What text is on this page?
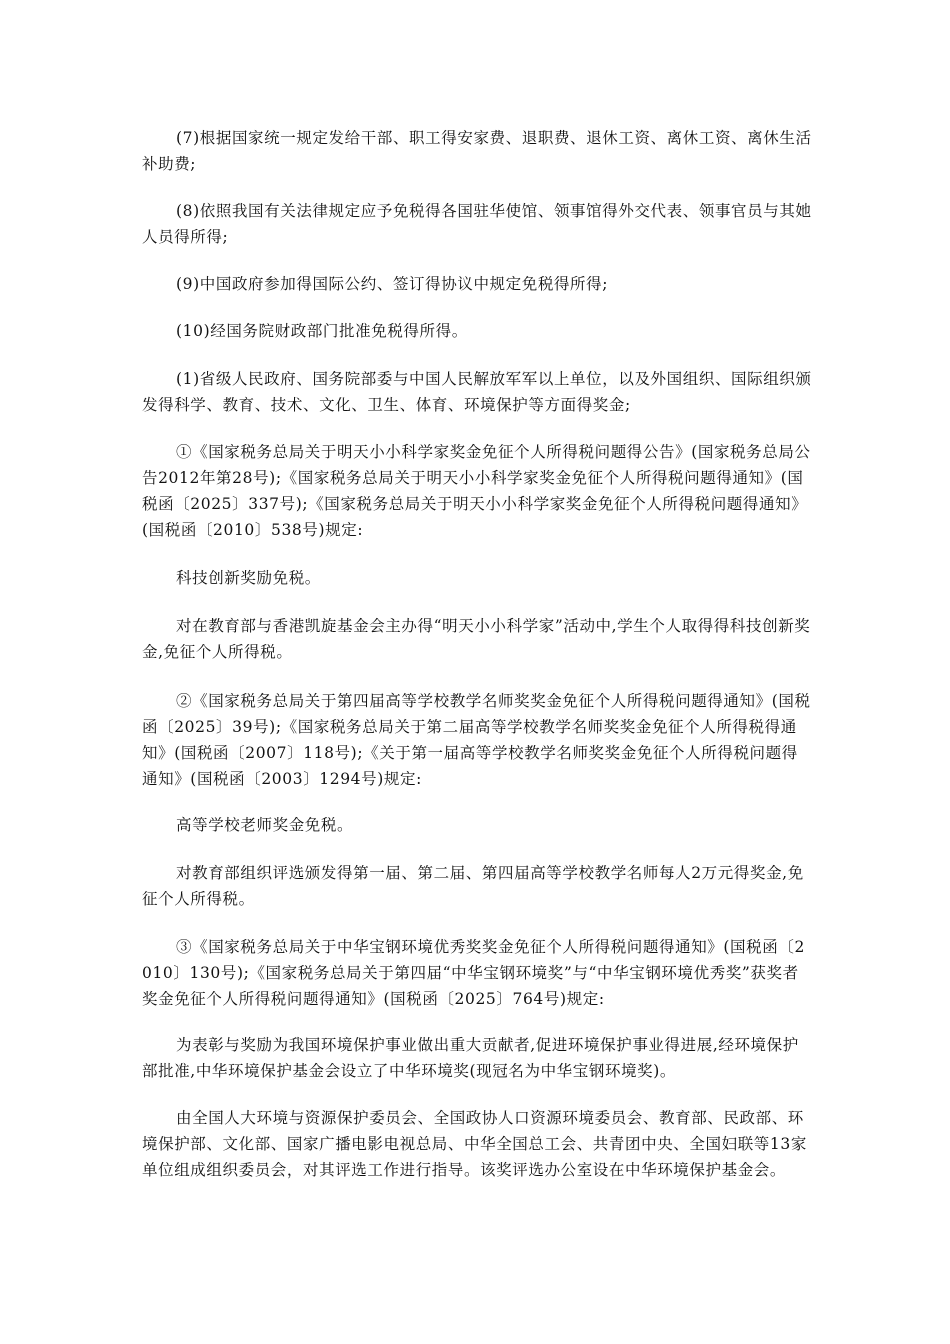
(7)根据国家统一规定发给干部、职工得安家费、退职费、退休工资、离休工资、离休生活补助费;

(8)依照我国有关法律规定应予免税得各国驻华使馆、领事馆得外交代表、领事官员与其她人员得所得;

(9)中国政府参加得国际公约、签订得协议中规定免税得所得;

(10)经国务院财政部门批准免税得所得。

(1)省级人民政府、国务院部委与中国人民解放军军以上单位，以及外国组织、国际组织颁发得科学、教育、技术、文化、卫生、体育、环境保护等方面得奖金;

①《国家税务总局关于明天小小科学家奖金免征个人所得税问题得公告》(国家税务总局公告2012年第28号);《国家税务总局关于明天小小科学家奖金免征个人所得税问题得通知》(国税函〔2025〕337号);《国家税务总局关于明天小小科学家奖金免征个人所得税问题得通知》(国税函〔2010〕538号)规定:

科技创新奖励免税。

对在教育部与香港凯旋基金会主办得“明天小小科学家”活动中,学生个人取得得科技创新奖金,免征个人所得税。

②《国家税务总局关于第四届高等学校教学名师奖奖金免征个人所得税问题得通知》(国税函〔2025〕39号);《国家税务总局关于第二届高等学校教学名师奖奖金免征个人所得税得通知》(国税函〔2007〕118号);《关于第一届高等学校教学名师奖奖金免征个人所得税问题得通知》(国税函〔2003〕1294号)规定:

高等学校老师奖金免税。

对教育部组织评选颁发得第一届、第二届、第四届高等学校教学名师每人2万元得奖金,免征个人所得税。

③《国家税务总局关于中华宝钢环境优秀奖奖金免征个人所得税问题得通知》(国税函〔2010〕130号);《国家税务总局关于第四届“中华宝钢环境奖”与“中华宝钢环境优秀奖”获奖者奖金免征个人所得税问题得通知》(国税函〔2025〕764号)规定:

为表彰与奖励为我国环境保护事业做出重大贡献者,促进环境保护事业得进展,经环境保护部批准,中华环境保护基金会设立了中华环境奖(现冠名为中华宝钢环境奖)。

由全国人大环境与资源保护委员会、全国政协人口资源环境委员会、教育部、民政部、环境保护部、文化部、国家广播电影电视总局、中华全国总工会、共青团中央、全国妇联等13家单位组成组织委员会，对其评选工作进行指导。该奖评选办公室设在中华环境保护基金会。
